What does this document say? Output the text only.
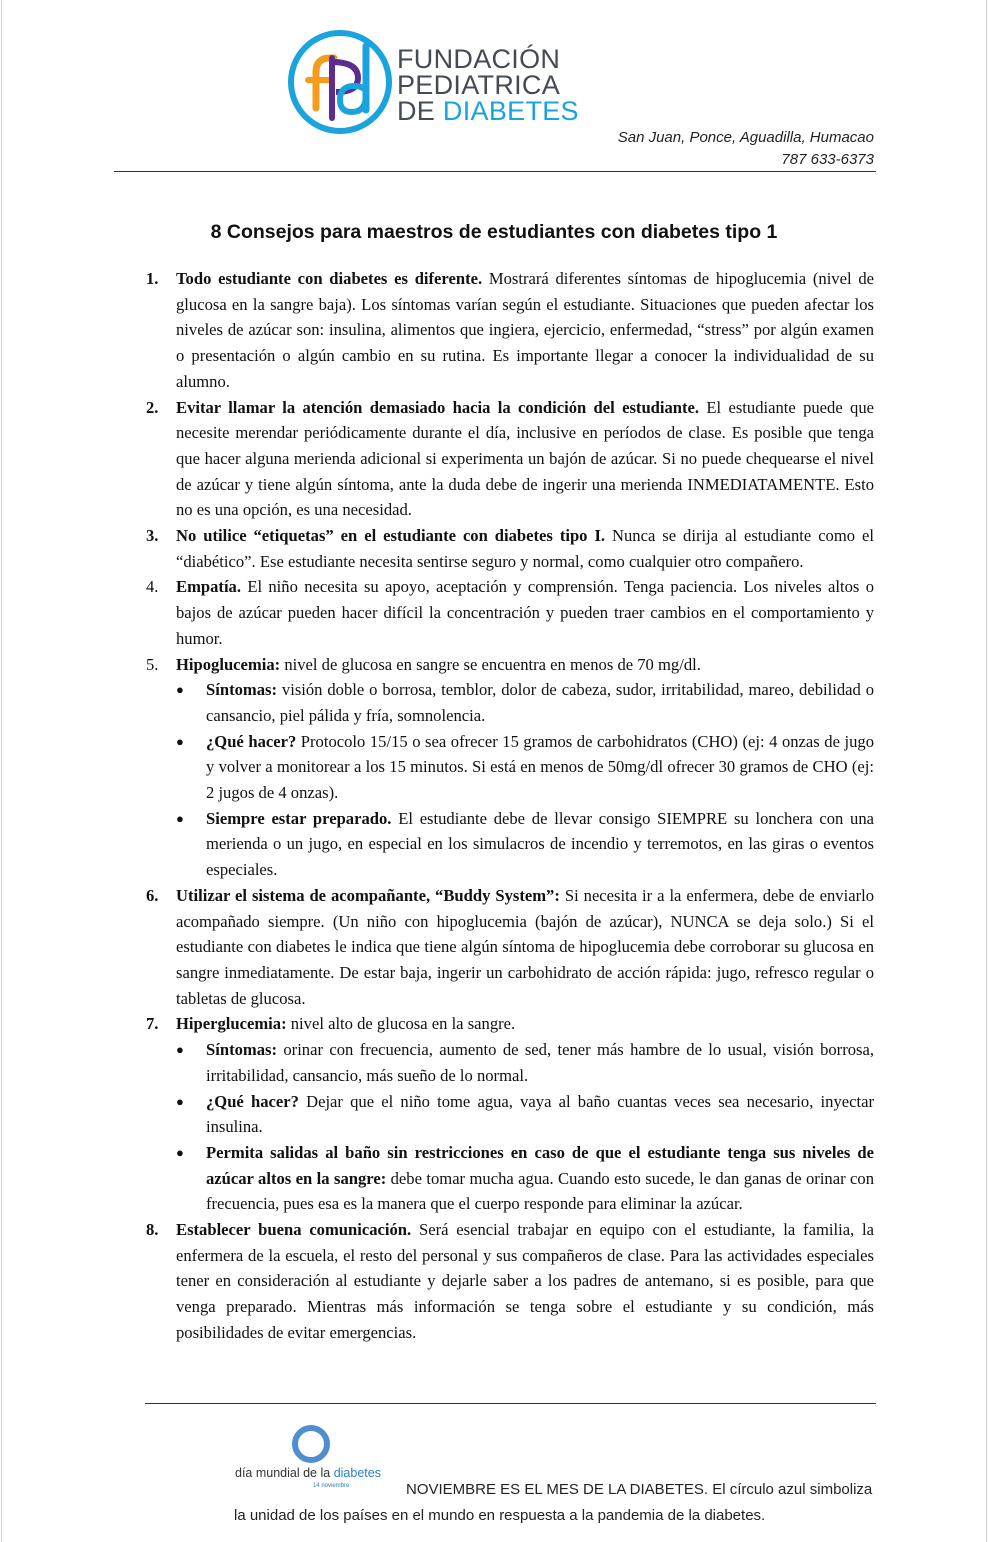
FUNDACIÓN
PEDIATRICA
DE DIABETES
San Juan, Ponce, Aguadilla, Humacao
787 633-6373
8 Consejos para maestros de estudiantes con diabetes tipo 1
1.	Todo estudiante con diabetes es diferente. Mostrará diferentes síntomas de hipoglucemia (nivel de glucosa en la sangre baja). Los síntomas varían según el estudiante. Situaciones que pueden afectar los niveles de azúcar son: insulina, alimentos que ingiera, ejercicio, enfermedad, “stress” por algún examen o presentación o algún cambio en su rutina. Es importante llegar a conocer la individualidad de su alumno.
2.	Evitar llamar la atención demasiado hacia la condición del estudiante. El estudiante puede que necesite merendar periódicamente durante el día, inclusive en períodos de clase. Es posible que tenga que hacer alguna merienda adicional si experimenta un bajón de azúcar. Si no puede chequearse el nivel de azúcar y tiene algún síntoma, ante la duda debe de ingerir una merienda INMEDIATAMENTE. Esto no es una opción, es una necesidad.
3.	No utilice “etiquetas” en el estudiante con diabetes tipo I. Nunca se dirija al estudiante como el “diabético”. Ese estudiante necesita sentirse seguro y normal, como cualquier otro compañero.
4.	Empatía. El niño necesita su apoyo, aceptación y comprensión. Tenga paciencia. Los niveles altos o bajos de azúcar pueden hacer difícil la concentración y pueden traer cambios en el comportamiento y humor.
5.	Hipoglucemia: nivel de glucosa en sangre se encuentra en menos de 70 mg/dl.
●	Síntomas: visión doble o borrosa, temblor, dolor de cabeza, sudor, irritabilidad, mareo, debilidad o cansancio, piel pálida y fría, somnolencia.
●	¿Qué hacer? Protocolo 15/15 o sea ofrecer 15 gramos de carbohidratos (CHO) (ej: 4 onzas de jugo y volver a monitorear a los 15 minutos. Si está en menos de 50mg/dl ofrecer 30 gramos de CHO (ej: 2 jugos de 4 onzas).
●	Siempre estar preparado. El estudiante debe de llevar consigo SIEMPRE su lonchera con una merienda o un jugo, en especial en los simulacros de incendio y terremotos, en las giras o eventos especiales.
6.	Utilizar el sistema de acompañante, “Buddy System”: Si necesita ir a la enfermera, debe de enviarlo acompañado siempre. (Un niño con hipoglucemia (bajón de azúcar), NUNCA se deja solo.) Si el estudiante con diabetes le indica que tiene algún síntoma de hipoglucemia debe corroborar su glucosa en sangre inmediatamente. De estar baja, ingerir un carbohidrato de acción rápida: jugo, refresco regular o tabletas de glucosa.
7.	Hiperglucemia: nivel alto de glucosa en la sangre.
●	Síntomas: orinar con frecuencia, aumento de sed, tener más hambre de lo usual, visión borrosa, irritabilidad, cansancio, más sueño de lo normal.
●	¿Qué hacer? Dejar que el niño tome agua, vaya al baño cuantas veces sea necesario, inyectar insulina.
●	Permita salidas al baño sin restricciones en caso de que el estudiante tenga sus niveles de azúcar altos en la sangre: debe tomar mucha agua. Cuando esto sucede, le dan ganas de orinar con frecuencia, pues esa es la manera que el cuerpo responde para eliminar la azúcar.
8.	Establecer buena comunicación. Será esencial trabajar en equipo con el estudiante, la familia, la enfermera de la escuela, el resto del personal y sus compañeros de clase. Para las actividades especiales tener en consideración al estudiante y dejarle saber a los padres de antemano, si es posible, para que venga preparado. Mientras más información se tenga sobre el estudiante y su condición, más posibilidades de evitar emergencias.
día mundial de la diabetes
14 noviembre	NOVIEMBRE ES EL MES DE LA DIABETES. El círculo azul simboliza
la unidad de los países en el mundo en respuesta a la pandemia de la diabetes.
